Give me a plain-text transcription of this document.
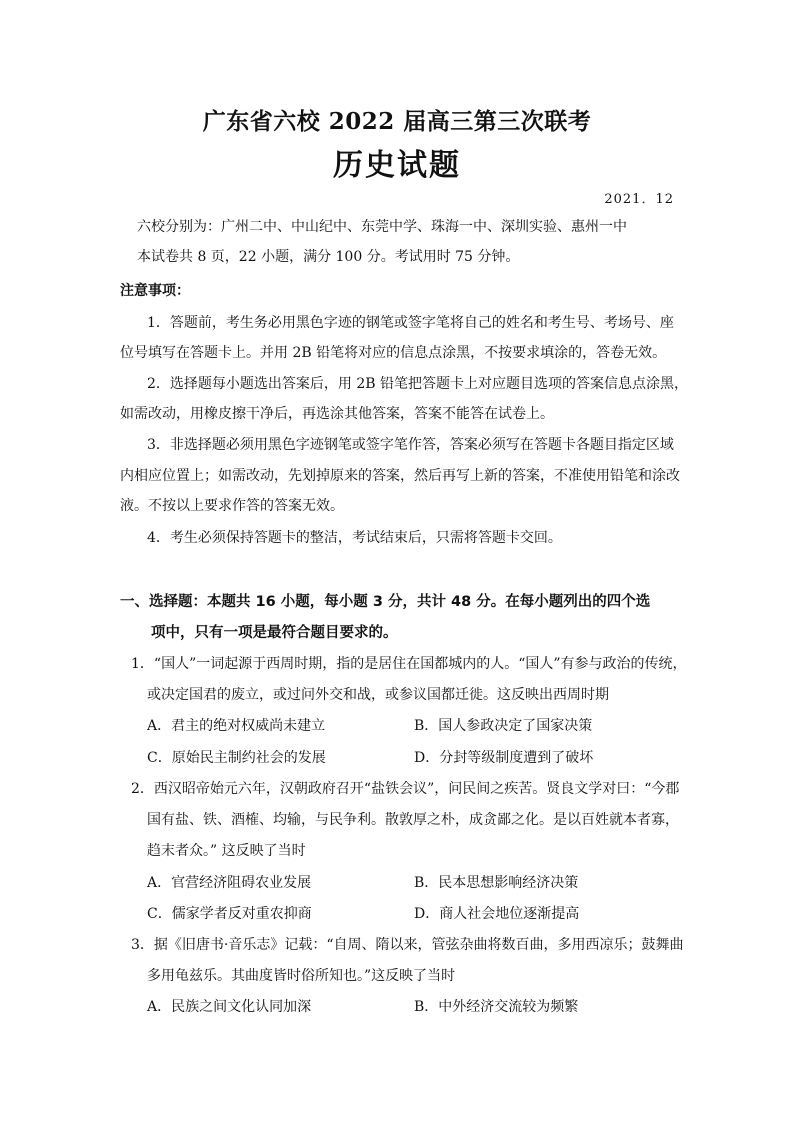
广东省六校 2022 届高三第三次联考
历史试题
2021．12
六校分别为：广州二中、中山纪中、东莞中学、珠海一中、深圳实验、惠州一中
本试卷共 8 页，22 小题，满分 100 分。考试用时 75 分钟。
注意事项：
1．答题前，考生务必用黑色字迹的钢笔或签字笔将自己的姓名和考生号、考场号、座
位号填写在答题卡上。并用 2B 铅笔将对应的信息点涂黑，不按要求填涂的，答卷无效。
2．选择题每小题选出答案后，用 2B 铅笔把答题卡上对应题目选项的答案信息点涂黑，
如需改动，用橡皮擦干净后，再选涂其他答案，答案不能答在试卷上。
3．非选择题必须用黑色字迹钢笔或签字笔作答，答案必须写在答题卡各题目指定区域
内相应位置上；如需改动，先划掉原来的答案，然后再写上新的答案，不准使用铅笔和涂改
液。不按以上要求作答的答案无效。
4．考生必须保持答题卡的整洁，考试结束后，只需将答题卡交回。
一、选择题：本题共 16 小题，每小题 3 分，共计 48 分。在每小题列出的四个选
项中，只有一项是最符合题目要求的。
1．“国人”一词起源于西周时期，指的是居住在国都城内的人。“国人”有参与政治的传统，
或决定国君的废立，或过问外交和战，或参议国都迁徙。这反映出西周时期
A．君主的绝对权威尚未建立	B．国人参政决定了国家决策
C．原始民主制约社会的发展	D．分封等级制度遭到了破坏
2．西汉昭帝始元六年，汉朝政府召开“盐铁会议”，问民间之疾苦。贤良文学对曰：“今郡
国有盐、铁、酒榷、均输，与民争利。散敦厚之朴，成贪鄙之化。是以百姓就本者寡，
趋末者众。” 这反映了当时
A．官营经济阻碍农业发展	B．民本思想影响经济决策
C．儒家学者反对重农抑商	D．商人社会地位逐渐提高
3．据《旧唐书·音乐志》记载：“自周、隋以来，管弦杂曲将数百曲，多用西凉乐；鼓舞曲
多用龟兹乐。其曲度皆时俗所知也。”这反映了当时
A．民族之间文化认同加深	B．中外经济交流较为频繁
